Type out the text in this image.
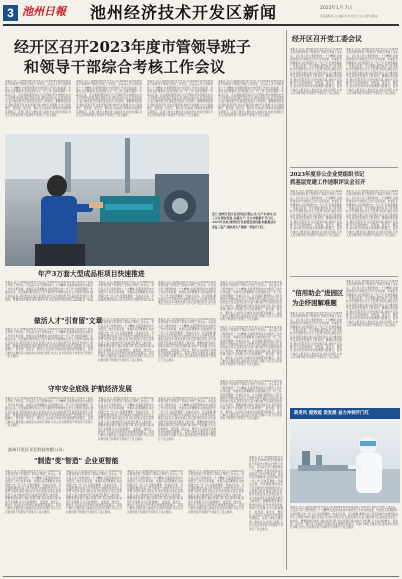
3 池州日報	池州经济技术开发区新闻	2023年1月 7日
责任编辑:程 文 美编:刘 卓 校对:王立山 版式:姚 丽
经开区召开2023年度市管领导班子
和领导干部综合考核工作会议
本报讯 近日,池州经济技术开发区召开2023年度市管领导班子和领导干部综合考核工作会议。会议深入学习贯彻党的二十大精神,全面贯彻落实中央经济工作会议和省委、市委有关部署要求,总结回顾过去一年工作,安排部署新一年重点任务。会议强调,要坚持以习近平新时代中国特色社会主义思想为指导,锚定目标任务,紧扣发展主线,扛起责任担当,奋力推动经开区高质量发展迈上新台阶。要聚焦项目建设,强化招商引资,优化营商环境,加快产业集聚,全力以赴稳增长、促发展、保安全、惠民生,以实际行动和优异成绩谱写新篇章。各部门单位主要负责人参加会议并进行述职,与会人员对领导班子和领导干部进行了民主测评。
本报讯 近日,池州经济技术开发区召开2023年度市管领导班子和领导干部综合考核工作会议。会议深入学习贯彻党的二十大精神,全面贯彻落实中央经济工作会议和省委、市委有关部署要求,总结回顾过去一年工作,安排部署新一年重点任务。会议强调,要坚持以习近平新时代中国特色社会主义思想为指导,锚定目标任务,紧扣发展主线,扛起责任担当,奋力推动经开区高质量发展迈上新台阶。要聚焦项目建设,强化招商引资,优化营商环境,加快产业集聚,全力以赴稳增长、促发展、保安全、惠民生,以实际行动和优异成绩谱写新篇章。各部门单位主要负责人参加会议并进行述职,与会人员对领导班子和领导干部进行了民主测评。
本报讯 近日,池州经济技术开发区召开2023年度市管领导班子和领导干部综合考核工作会议。会议深入学习贯彻党的二十大精神,全面贯彻落实中央经济工作会议和省委、市委有关部署要求,总结回顾过去一年工作,安排部署新一年重点任务。会议强调,要坚持以习近平新时代中国特色社会主义思想为指导,锚定目标任务,紧扣发展主线,扛起责任担当,奋力推动经开区高质量发展迈上新台阶。要聚焦项目建设,强化招商引资,优化营商环境,加快产业集聚,全力以赴稳增长、促发展、保安全、惠民生,以实际行动和优异成绩谱写新篇章。各部门单位主要负责人参加会议并进行述职,与会人员对领导班子和领导干部进行了民主测评。
本报讯 近日,池州经济技术开发区召开2023年度市管领导班子和领导干部综合考核工作会议。会议深入学习贯彻党的二十大精神,全面贯彻落实中央经济工作会议和省委、市委有关部署要求,总结回顾过去一年工作,安排部署新一年重点任务。会议强调,要坚持以习近平新时代中国特色社会主义思想为指导,锚定目标任务,紧扣发展主线,扛起责任担当,奋力推动经开区高质量发展迈上新台阶。要聚焦项目建设,强化招商引资,优化营商环境,加快产业集聚,全力以赴稳增长、促发展、保安全、惠民生,以实际行动和优异成绩谱写新篇章。各部门单位主要负责人参加会议并进行述职,与会人员对领导班子和领导干部进行了民主测评。
近日,池州开发区亚芯科技有限公司,生产车间内,员工正在调试设备,加紧生产,全力冲刺新年开门红。2023年以来,池州经开区抢抓发展机遇,积极推动企业复工复产,满负荷生产确保一季度开门红。
年产3万套大型成品柜项目快速推进
本报讯 近日,池州经济技术开发区召开2023年度市管领导班子和领导干部综合考核工作会议。会议深入学习贯彻党的二十大精神,全面贯彻落实中央经济工作会议和省委、市委有关部署要求,总结回顾过去一年工作,安排部署新一年重点任务。会议强调,要坚持以习近平新时代中国特色社会主义思想为指导,锚定目标任务,紧扣发展主线,扛起责任担当,奋力推动经开区高质量发展迈上新台阶。要聚焦项目建设,强化招商引资,优化营商环境,加快产业集聚,全力以赴
本报讯 近日,池州经济技术开发区召开2023年度市管领导班子和领导干部综合考核工作会议。会议深入学习贯彻党的二十大精神,全面贯彻落实中央经济工作会议和省委、市委有关部署要求,总结回顾过去一年工作,安排部署新一年重点任务。会议强调,要坚持以习近平新时代中国特色社会主义
本报讯 近日,池州经济技术开发区召开2023年度市管领导班子和领导干部综合考核工作会议。会议深入学习贯彻党的二十大精神,全面贯彻落实中央经济工作会议和省委、市委有关部署要求,总结回顾过去一年工作,安排部署新一年重点任务。会议强调,要坚持以习近平新时代中国特色社会主义思想为指导,锚定目标任务,紧扣发展主线,扛起责任担当,奋力推
本报讯 近日,池州经济技术开发区召开2023年度市管领导班子和领导干部综合考核工作会议。会议深入学习贯彻党的二十大精神,全面贯彻落实中央经济工作会议和省委、市委有关部署要求,总结回顾过去一年工作,安排部署新一年重点任务。会议强调,要坚持以习近平新时代中国特色社会主义思想为指导,锚定目标任务,紧扣发展主线,扛起责任担当,奋力推动经开区高质量发展迈上新台阶。要聚焦项目建设,强化招商引资,优化营商环境,加快产业集聚,全力以赴稳增长、促发展、保安全、惠民生,以实际行动和优异成绩谱写新篇章。各部门单位主要负责人参加会议并进行述职,与会人员对领导班子和领导干部进行了民主测评。
做活人才"引育留"文章
本报讯 近日,池州经济技术开发区召开2023年度市管领导班子和领导干部综合考核工作会议。会议深入学习贯彻党的二十大精神,全面贯彻落实中央经济工作会议和省委、市委有关部署要求,总结回顾过去一年工作,安排部署新一年重点任务。会议强调,要坚持以习近平新时代中国特色社会主义思想为指导,锚定目标任务,紧扣发展主线,扛起责任担当,奋力推动经开区高质量发展迈上新台阶。要聚焦项目建设,强化招商引资,优化营商环境,加快产业集聚,全力以赴稳增长、促发展、保安全、惠民生,以实际行动和优异成绩谱写新篇章。各部门单位主要负责人参加会议并进行述职,与会人员对领导班子和领导干部进行了民主测评。
本报讯 近日,池州经济技术开发区召开2023年度市管领导班子和领导干部综合考核工作会议。会议深入学习贯彻党的二十大精神,全面贯彻落实中央经济工作会议和省委、市委有关部署要求,总结回顾过去一年工作,安排部署新一年重点任务。会议强调,要坚持以习近平新时代中国特色社会主义思想为指导,锚定目标任务,紧扣发展主线,扛起责任担当,奋力推动经开区高质量发展迈上新台阶。要聚焦项目建设,强化招商引资,优化营商环境,加快产业集聚,全力以赴稳增长、促发展、保安全、惠民生,以实际行动和优异成绩谱写新篇章。各部门单位主要负责人参加会议并进行述职,与会人员对领导班子和领导干部进行了民主测评。
本报讯 近日,池州经济技术开发区召开2023年度市管领导班子和领导干部综合考核工作会议。会议深入学习贯彻党的二十大精神,全面贯彻落实中央经济工作会议和省委、市委有关部署要求,总结回顾过去一年工作,安排部署新一年重点任务。会议强调,要坚持以习近平新时代中国特色社会主义思想为指导,锚定目标任务,紧扣发展主线,扛起责任担当,奋力推动经开区高质量发展迈上新台阶。要聚焦项目建设,强化招商引资,优化营商环境,加快产业集聚,全力以赴稳增长、促发展、保安全、惠民生,以实际行动和优异成绩谱写新篇章。各部门单位主要负责人参加会议并进行述职,与会人员对领导班子和领导干部进行了民主测评。
本报讯 近日,池州经济技术开发区召开2023年度市管领导班子和领导干部综合考核工作会议。会议深入学习贯彻党的二十大精神,全面贯彻落实中央经济工作会议和省委、市委有关部署要求,总结回顾过去一年工作,安排部署新一年重点任务。会议强调,要坚持以习近平新时代中国特色社会主义思想为指导,锚定目标任务,紧扣发展主线,扛起责任担当,奋力推动经开区高质量发展迈上新台阶。要聚焦项目建设,强化招商引资,优化营商环境,加快产业集聚,全力以赴稳增长、促发展、保安全、惠民生,以实际行动和优异成绩谱写新篇章。各部门单位主要负责人参加会议并进行述职,与会人员对领导班子和领导干部进行了民主测评。
守牢安全底线 护航经济发展
本报讯 近日,池州经济技术开发区召开2023年度市管领导班子和领导干部综合考核工作会议。会议深入学习贯彻党的二十大精神,全面贯彻落实中央经济工作会议和省委、市委有关部署要求,总结回顾过去一年工作,安排部署新一年重点任务。会议强调,要坚持以习近平新时代中国特色社会主义思想为指导,锚定目标任务,紧扣发展主线,扛起责任担当,奋力推动经开区高质量发展迈上新台阶。要聚焦项目建设,强化招商引资,优化营商环境,加快产业集聚,全力以赴稳增长、促发展、保安全、惠民生,以实际行动和优异成绩谱写新篇章。各部门单位主要负责人参加会议并进行述职,与会人员对领导班子和领导干部进行了民主测评。
本报讯 近日,池州经济技术开发区召开2023年度市管领导班子和领导干部综合考核工作会议。会议深入学习贯彻党的二十大精神,全面贯彻落实中央经济工作会议和省委、市委有关部署要求,总结回顾过去一年工作,安排部署新一年重点任务。会议强调,要坚持以习近平新时代中国特色社会主义思想为指导,锚定目标任务,紧扣发展主线,扛起责任担当,奋力推动经开区高质量发展迈上新台阶。要聚焦项目建设,强化招商引资,优化营商环境,加快产业集聚,全力以赴稳增长、促发展、保安全、惠民生,以实际行动和优异成绩谱写新篇章。各部门单位主要负责人参加会议并进行述职,与会人员对领导班子和领导干部进行了民主测评。
本报讯 近日,池州经济技术开发区召开2023年度市管领导班子和领导干部综合考核工作会议。会议深入学习贯彻党的二十大精神,全面贯彻落实中央经济工作会议和省委、市委有关部署要求,总结回顾过去一年工作,安排部署新一年重点任务。会议强调,要坚持以习近平新时代中国特色社会主义思想为指导,锚定目标任务,紧扣发展主线,扛起责任担当,奋力推动经开区高质量发展迈上新台阶。要聚焦项目建设,强化招商引资,优化营商环境,加快产业集聚,全力以赴稳增长、促发展、保安全、惠民生,以实际行动和优异成绩谱写新篇章。各部门单位主要负责人参加会议并进行述职,与会人员对领导班子和领导干部进行了民主测评。
本报讯 近日,池州经济技术开发区召开2023年度市管领导班子和领导干部综合考核工作会议。会议深入学习贯彻党的二十大精神,全面贯彻落实中央经济工作会议和省委、市委有关部署要求,总结回顾过去一年工作,安排部署新一年重点任务。会议强调,要坚持以习近平新时代中国特色社会主义思想为指导,锚定目标任务,紧扣发展主线,扛起责任担当,奋力推动经开区高质量发展迈上新台阶。要聚焦项目建设,强化招商引资,优化营商环境,加快产业集聚,全力以赴稳增长、促发展、保安全、惠民生,以实际行动和优异成绩谱写新篇章。各部门单位主要负责人参加会议并进行述职,与会人员对领导班子和领导干部进行了民主测评。
池州开发区亚芯科技有限公司:
"制造"变"智造" 企业更智能
本报讯 近日,池州经济技术开发区召开2023年度市管领导班子和领导干部综合考核工作会议。会议深入学习贯彻党的二十大精神,全面贯彻落实中央经济工作会议和省委、市委有关部署要求,总结回顾过去一年工作,安排部署新一年重点任务。会议强调,要坚持以习近平新时代中国特色社会主义思想为指导,锚定目标任务,紧扣发展主线,扛起责任担当,奋力推动经开区高质量发展迈上新台阶。要聚焦项目建设,强化招商引资,优化营商环境,加快产业集聚,全力以赴稳增长、促发展、保安全、惠民生,以实际行动和优异成绩谱写新篇章。各部门单位主要负责人参加会议并进行述职,与会人员对领导班子和领导干部进行了民主测评。
本报讯 近日,池州经济技术开发区召开2023年度市管领导班子和领导干部综合考核工作会议。会议深入学习贯彻党的二十大精神,全面贯彻落实中央经济工作会议和省委、市委有关部署要求,总结回顾过去一年工作,安排部署新一年重点任务。会议强调,要坚持以习近平新时代中国特色社会主义思想为指导,锚定目标任务,紧扣发展主线,扛起责任担当,奋力推动经开区高质量发展迈上新台阶。要聚焦项目建设,强化招商引资,优化营商环境,加快产业集聚,全力以赴稳增长、促发展、保安全、惠民生,以实际行动和优异成绩谱写新篇章。各部门单位主要负责人参加会议并进行述职,与会人员对领导班子和领导干部进行了民主测评。
本报讯 近日,池州经济技术开发区召开2023年度市管领导班子和领导干部综合考核工作会议。会议深入学习贯彻党的二十大精神,全面贯彻落实中央经济工作会议和省委、市委有关部署要求,总结回顾过去一年工作,安排部署新一年重点任务。会议强调,要坚持以习近平新时代中国特色社会主义思想为指导,锚定目标任务,紧扣发展主线,扛起责任担当,奋力推动经开区高质量发展迈上新台阶。要聚焦项目建设,强化招商引资,优化营商环境,加快产业集聚,全力以赴稳增长、促发展、保安全、惠民生,以实际行动和优异成绩谱写新篇章。各部门单位主要负责人参加会议并进行述职,与会人员对领导班子和领导干部进行了民主测评。
本报讯 近日,池州经济技术开发区召开2023年度市管领导班子和领导干部综合考核工作会议。会议深入学习贯彻党的二十大精神,全面贯彻落实中央经济工作会议和省委、市委有关部署要求,总结回顾过去一年工作,安排部署新一年重点任务。会议强调,要坚持以习近平新时代中国特色社会主义思想为指导,锚定目标任务,紧扣发展主线,扛起责任担当,奋力推动经开区高质量发展迈上新台阶。要聚焦项目建设,强化招商引资,优化营商环境,加快产业集聚,全力以赴稳增长、促发展、保安全、惠民生,以实际行动和优异成绩谱写新篇章。各部门单位主要负责人参加会议并进行述职,与会人员对领导班子和领导干部进行了民主测评。
本报讯 近日,池州经济技术开发区召开2023年度市管领导班子和领导干部综合考核工作会议。会议深入学习贯彻党的二十大精神,全面贯彻落实中央经济工作会议和省委、市委有关部署要求,总结回顾过去一年工作,安排部署新一年重点任务。会议强调,要坚持以习近平新时代中国特色社会主义思想为指导,锚定目标任务,紧扣发展主线,扛起责任担当,奋力推动经开区高质量发展迈上新台阶。要聚焦项目建设,强化招商引资,优化营商环境,加快产业集聚,全力以赴稳增长、促发展、保安全、惠民生,以实际行动和优异成绩谱写新篇章。各部门单位主要负责人参加会议并进行述职,与会人员对领导班子和领导干部进行了民主测评。
经开区召开党工委会议
本报讯 近日,池州经济技术开发区召开2023年度市管领导班子和领导干部综合考核工作会议。会议深入学习贯彻党的二十大精神,全面贯彻落实中央经济工作会议和省委、市委有关部署要求,总结回顾过去一年工作,安排部署新一年重点任务。会议强调,要坚持以习近平新时代中国特色社会主义思想为指导,锚定目标任务,紧扣发展主线,扛起责任担当,奋力推动经开区高质量发展迈上新台阶。要聚焦项目建设,强化招商引资,优化营商环境,加快产业集聚,全力以赴稳增长、促发展、保安全、惠民生,以实际行动和优异成绩谱写新篇章。各部门单位主要负责人参加会议并进行述职,与会人员对领导班子和领导干部进行了民主测评。
本报讯 近日,池州经济技术开发区召开2023年度市管领导班子和领导干部综合考核工作会议。会议深入学习贯彻党的二十大精神,全面贯彻落实中央经济工作会议和省委、市委有关部署要求,总结回顾过去一年工作,安排部署新一年重点任务。会议强调,要坚持以习近平新时代中国特色社会主义思想为指导,锚定目标任务,紧扣发展主线,扛起责任担当,奋力推动经开区高质量发展迈上新台阶。要聚焦项目建设,强化招商引资,优化营商环境,加快产业集聚,全力以赴稳增长、促发展、保安全、惠民生,以实际行动和优异成绩谱写新篇章。各部门单位主要负责人参加会议并进行述职,与会人员对领导班子和领导干部进行了民主测评。
2023年度非公企业党组织书记
抓基层党建工作述职评议会召开
本报讯 近日,池州经济技术开发区召开2023年度市管领导班子和领导干部综合考核工作会议。会议深入学习贯彻党的二十大精神,全面贯彻落实中央经济工作会议和省委、市委有关部署要求,总结回顾过去一年工作,安排部署新一年重点任务。会议强调,要坚持以习近平新时代中国特色社会主义思想为指导,锚定目标任务,紧扣发展主线,扛起责任担当,奋力推动经开区高质量发展迈上新台阶。要聚焦项目建设,强化招商引资,优化营商环境,加快产业集聚,全力以赴稳增长、促发展、保安全、惠民生,以实际行动和优异成绩谱写新篇章。各部门单位主要负责人参加会议并进行述职,与会人员对领导班子和领导干部进行了民主测评。
本报讯 近日,池州经济技术开发区召开2023年度市管领导班子和领导干部综合考核工作会议。会议深入学习贯彻党的二十大精神,全面贯彻落实中央经济工作会议和省委、市委有关部署要求,总结回顾过去一年工作,安排部署新一年重点任务。会议强调,要坚持以习近平新时代中国特色社会主义思想为指导,锚定目标任务,紧扣发展主线,扛起责任担当,奋力推动经开区高质量发展迈上新台阶。要聚焦项目建设,强化招商引资,优化营商环境,加快产业集聚,全力以赴稳增长、促发展、保安全、惠民生,以实际行动和优异成绩谱写新篇章。各部门单位主要负责人参加会议并进行述职,与会人员对领导班子和领导干部进行了民主测评。
"信用助企"进园区
为企纾困解难题
本报讯 近日,池州经济技术开发区召开2023年度市管领导班子和领导干部综合考核工作会议。会议深入学习贯彻党的二十大精神,全面贯彻落实中央经济工作会议和省委、市委有关部署要求,总结回顾过去一年工作,安排部署新一年重点任务。会议强调,要坚持以习近平新时代中国特色社会主义思想为指导,锚定目标任务,紧扣发展主线,扛起责任担当,奋力推动经开区高质量发展迈上新台阶。要聚焦项目建设,强化招商引资,优化营商环境,加快产业集聚,全力以赴稳增长、促发展、保安全、惠民生,以实际行动和优异成绩谱写新篇章。各部门单位主要负责人参加会议并进行述职,与会人员对领导班子和领导干部进行了民主测评。
本报讯 近日,池州经济技术开发区召开2023年度市管领导班子和领导干部综合考核工作会议。会议深入学习贯彻党的二十大精神,全面贯彻落实中央经济工作会议和省委、市委有关部署要求,总结回顾过去一年工作,安排部署新一年重点任务。会议强调,要坚持以习近平新时代中国特色社会主义思想为指导,锚定目标任务,紧扣发展主线,扛起责任担当,奋力推动经开区高质量发展迈上新台阶。要聚焦项目建设,强化招商引资,优化营商环境,加快产业集聚,全力以赴稳增长、促发展、保安全、惠民生,以实际行动和优异成绩谱写新篇章。各部门单位主要负责人参加会议并进行述职,与会人员对领导班子和领导干部进行了民主测评。
政务风 提效能 促发展 奋力冲刺开门红
本报讯 近日,池州经济技术开发区召开2023年度市管领导班子和领导干部综合考核工作会议。会议深入学习贯彻党的二十大精神,全面贯彻落实中央经济工作会议和省委、市委有关部署要求,总结回顾过去一年工作,安排部署新一年重点任务。会议强调,要坚持以习近平新时代中国特色社会主义思想为指导,锚定目标任务,紧扣发展主线,扛起责任担当,奋力推动经开区高质量发展迈上新台阶。要聚焦项目建设,强化招商引资,优化营商环境,加快产业集聚,全力以赴稳增长、促发展、保安全、惠民生,以实际行动和优异成绩谱写新篇章。各部门单位主要负责人参加会议并进行述职,与会人员对领导班子和领导干部进行了民主测评。
